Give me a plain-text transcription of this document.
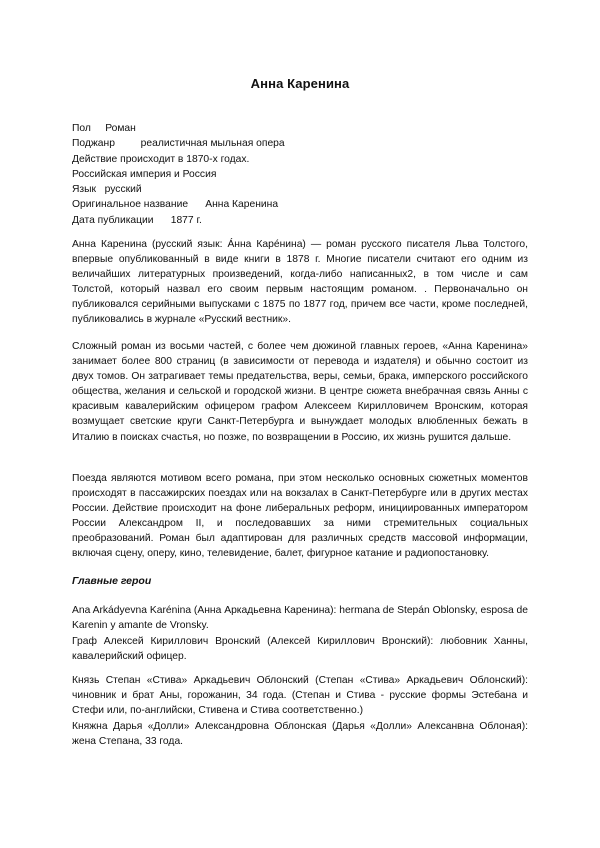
Анна Каренина
Пол     Роман
Поджанр         реалистичная мыльная опера
Действие происходит в 1870-х годах.
Российская империя и Россия
Язык   русский
Оригинальное название      Анна Каренина
Дата публикации      1877 г.

Анна Каренина (русский язык: А́нна Каре́нина) — роман русского писателя Льва Толстого, впервые опубликованный в виде книги в 1878 г. Многие писатели считают его одним из величайших литературных произведений, когда-либо написанных2, в том числе и сам Толстой, который назвал его своим первым настоящим романом. . Первоначально он публиковался серийными выпусками с 1875 по 1877 год, причем все части, кроме последней, публиковались в журнале «Русский вестник».

Сложный роман из восьми частей, с более чем дюжиной главных героев, «Анна Каренина» занимает более 800 страниц (в зависимости от перевода и издателя) и обычно состоит из двух томов. Он затрагивает темы предательства, веры, семьи, брака, имперского российского общества, желания и сельской и городской жизни. В центре сюжета внебрачная связь Анны с красивым кавалерийским офицером графом Алексеем Кирилловичем Вронским, которая возмущает светские круги Санкт-Петербурга и вынуждает молодых влюбленных бежать в Италию в поисках счастья, но позже, по возвращении в Россию, их жизнь рушится дальше.

Поезда являются мотивом всего романа, при этом несколько основных сюжетных моментов происходят в пассажирских поездах или на вокзалах в Санкт-Петербурге или в других местах России. Действие происходит на фоне либеральных реформ, инициированных императором России Александром II, и последовавших за ними стремительных социальных преобразований. Роман был адаптирован для различных средств массовой информации, включая сцену, оперу, кино, телевидение, балет, фигурное катание и радиопостановку.

Главные герои

Ana Arkádyevna Karénina (Анна Аркадьевна Каренина): hermana de Stepán Oblonsky, esposa de Karenin y amante de Vronsky.

Граф Алексей Кириллович Вронский (Алексей Кириллович Вронский): любовник Ханны, кавалерийский офицер.

Князь Степан «Стива» Аркадьевич Облонский (Степан «Стива» Аркадьевич Облонский): чиновник и брат Аны, горожанин, 34 года. (Степан и Стива - русские формы Эстебана и Стефи или, по-английски, Стивена и Стива соответственно.)

Княжна Дарья «Долли» Александровна Облонская (Дарья «Долли» Алексанвна Облоная): жена Степана, 33 года.
